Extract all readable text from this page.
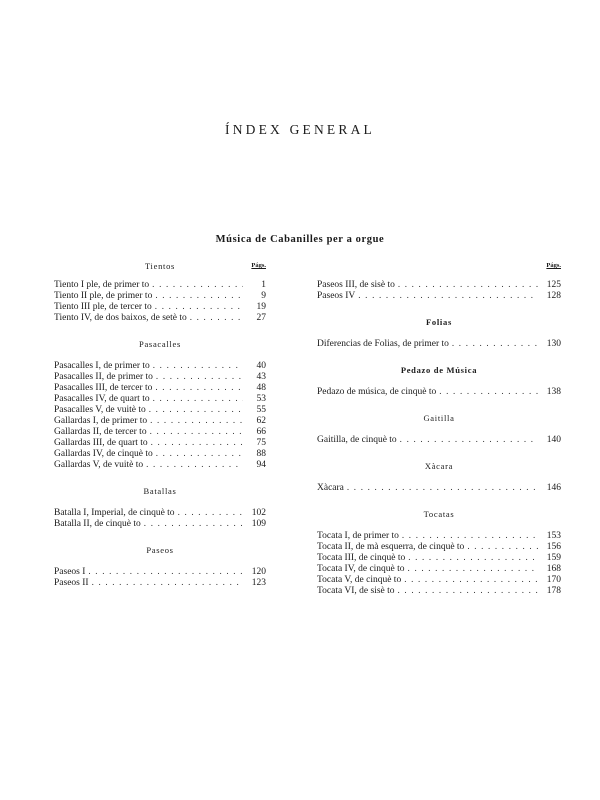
ÍNDEX GENERAL
Música de Cabanilles per a orgue
Tientos	Págs.
Tiento I ple, de primer to . . .	1
Tiento II ple, de primer to . . .	9
Tiento III ple, de tercer to . . .	19
Tiento IV, de dos baixos, de setè to . . .	27
Pasacalles
Pasacalles I, de primer to . . .	40
Pasacalles II, de primer to . . .	43
Pasacalles III, de tercer to . . .	48
Pasacalles IV, de quart to . . .	53
Pasacalles V, de vuitè to . . .	55
Gallardas I, de primer to . . .	62
Gallardas II, de tercer to . . .	66
Gallardas III, de quart to . . .	75
Gallardas IV, de cinquè to . . .	88
Gallardas V, de vuitè to . . .	94
Batallas
Batalla I, Imperial, de cinquè to . . .	102
Batalla II, de cinquè to . . .	109
Paseos
Paseos I . . .	120
Paseos II . . .	123
Págs.
Paseos III, de sisè to . . .	125
Paseos IV . . .	128
Folias
Diferencias de Folias, de primer to . . .	130
Pedazo de Música
Pedazo de música, de cinquè to . . .	138
Gaitilla
Gaitilla, de cinquè to . . .	140
Xàcara
Xàcara . . .	146
Tocatas
Tocata I, de primer to . . .	153
Tocata II, de mà esquerra, de cinquè to . . .	156
Tocata III, de cinquè to . . .	159
Tocata IV, de cinquè to . . .	168
Tocata V, de cinquè to . . .	170
Tocata VI, de sisè to . . .	178
